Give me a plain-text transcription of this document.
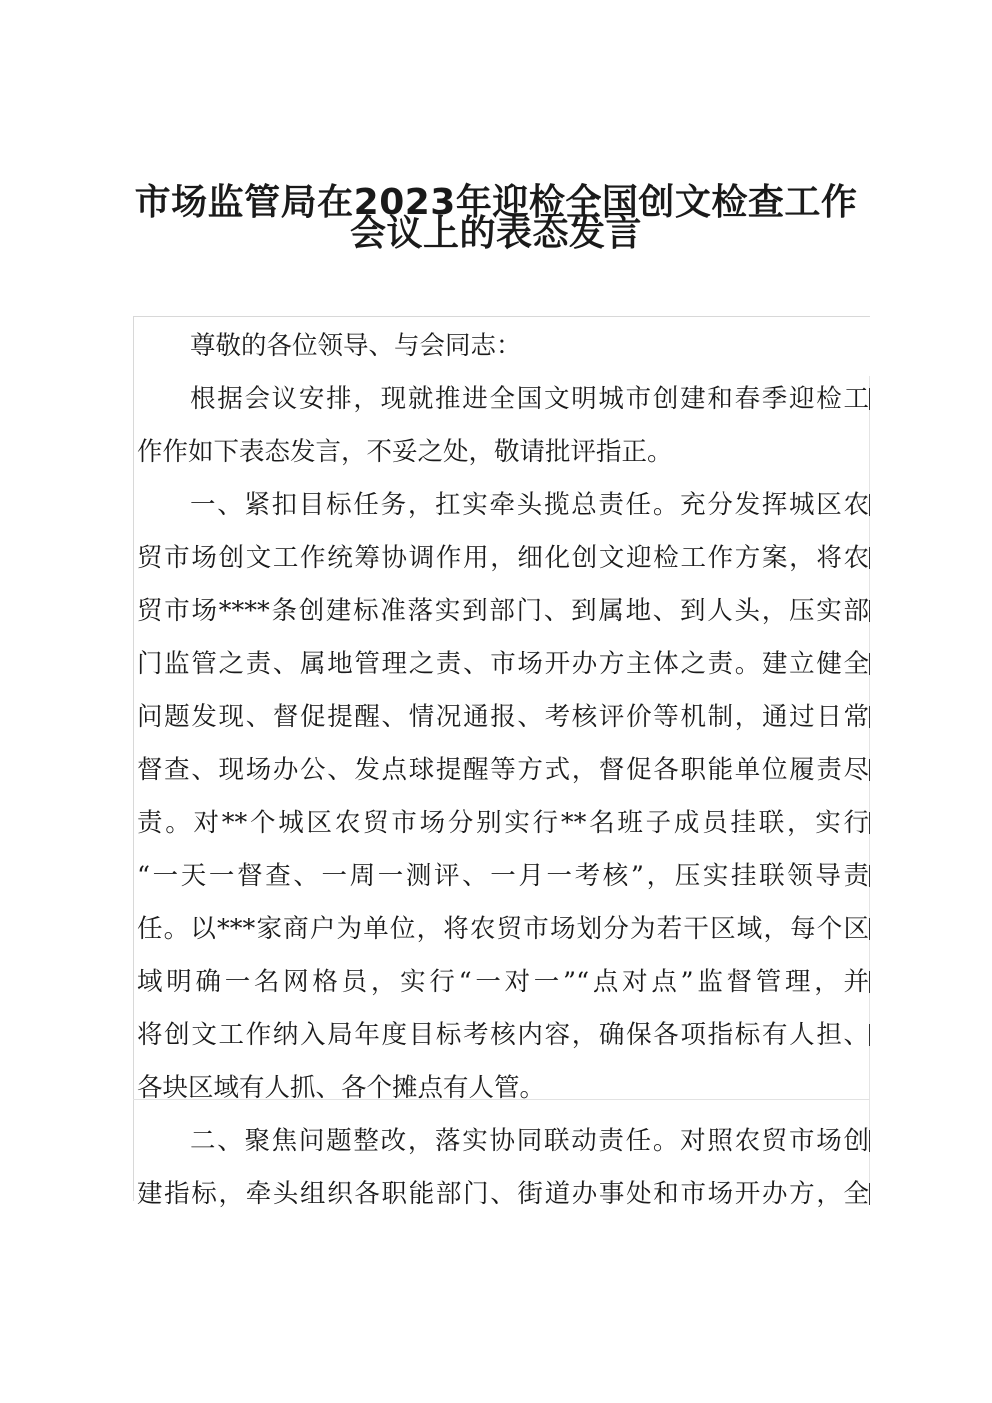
市场监管局在2023年迎检全国创文检查工作
会议上的表态发言

尊敬的各位领导、与会同志：

根据会议安排，现就推进全国文明城市创建和春季迎检工

作作如下表态发言，不妥之处，敬请批评指正。

一、紧扣目标任务，扛实牵头揽总责任。充分发挥城区农

贸市场创文工作统筹协调作用，细化创文迎检工作方案，将农

贸市场****条创建标准落实到部门、到属地、到人头，压实部

门监管之责、属地管理之责、市场开办方主体之责。建立健全

问题发现、督促提醒、情况通报、考核评价等机制，通过日常

督查、现场办公、发点球提醒等方式，督促各职能单位履责尽

责。对**个城区农贸市场分别实行**名班子成员挂联，实行

“一天一督查、一周一测评、一月一考核”，压实挂联领导责

任。以***家商户为单位，将农贸市场划分为若干区域，每个区

域明确一名网格员，实行“一对一”“点对点”监督管理，并

将创文工作纳入局年度目标考核内容，确保各项指标有人担、

各块区域有人抓、各个摊点有人管。

二、聚焦问题整改，落实协同联动责任。对照农贸市场创

建指标，牵头组织各职能部门、街道办事处和市场开办方，全
